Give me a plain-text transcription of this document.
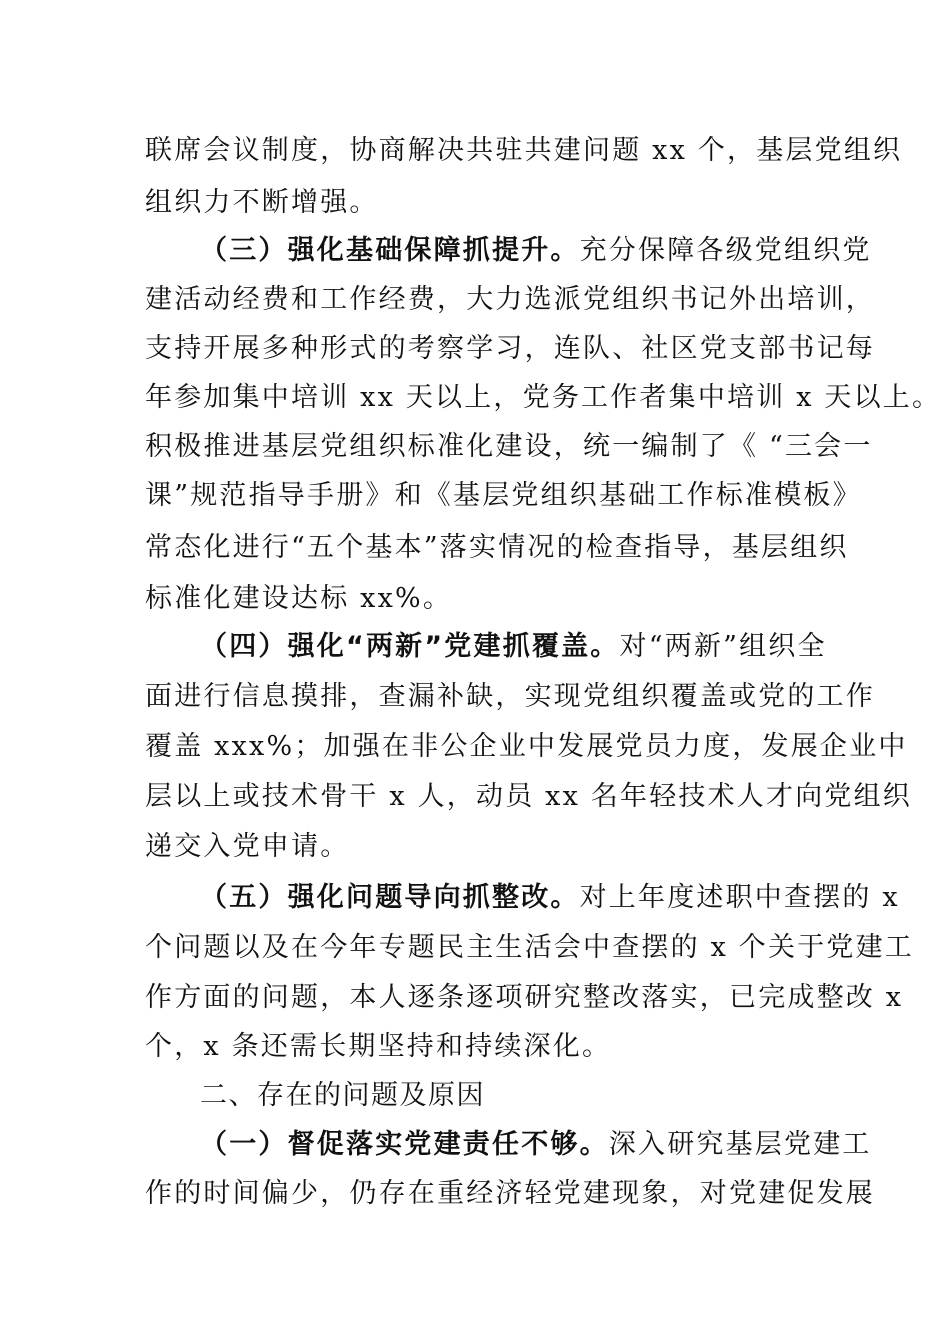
联席会议制度，协商解决共驻共建问题 xx 个，基层党组织
组织力不断增强。
（三）强化基础保障抓提升。充分保障各级党组织党
建活动经费和工作经费，大力选派党组织书记外出培训，
支持开展多种形式的考察学习，连队、社区党支部书记每
年参加集中培训 xx 天以上，党务工作者集中培训 x 天以上。
积极推进基层党组织标准化建设，统一编制了《 “三会一
课”规范指导手册》和《基层党组织基础工作标准模板》
常态化进行“五个基本”落实情况的检查指导，基层组织
标准化建设达标 xx%。
（四）强化“两新”党建抓覆盖。对“两新”组织全
面进行信息摸排，查漏补缺，实现党组织覆盖或党的工作
覆盖 xxx%；加强在非公企业中发展党员力度，发展企业中
层以上或技术骨干 x 人，动员 xx 名年轻技术人才向党组织
递交入党申请。
（五）强化问题导向抓整改。对上年度述职中查摆的 x
个问题以及在今年专题民主生活会中查摆的 x 个关于党建工
作方面的问题，本人逐条逐项研究整改落实，已完成整改 x
个，x 条还需长期坚持和持续深化。
二、存在的问题及原因
（一）督促落实党建责任不够。深入研究基层党建工
作的时间偏少，仍存在重经济轻党建现象，对党建促发展
